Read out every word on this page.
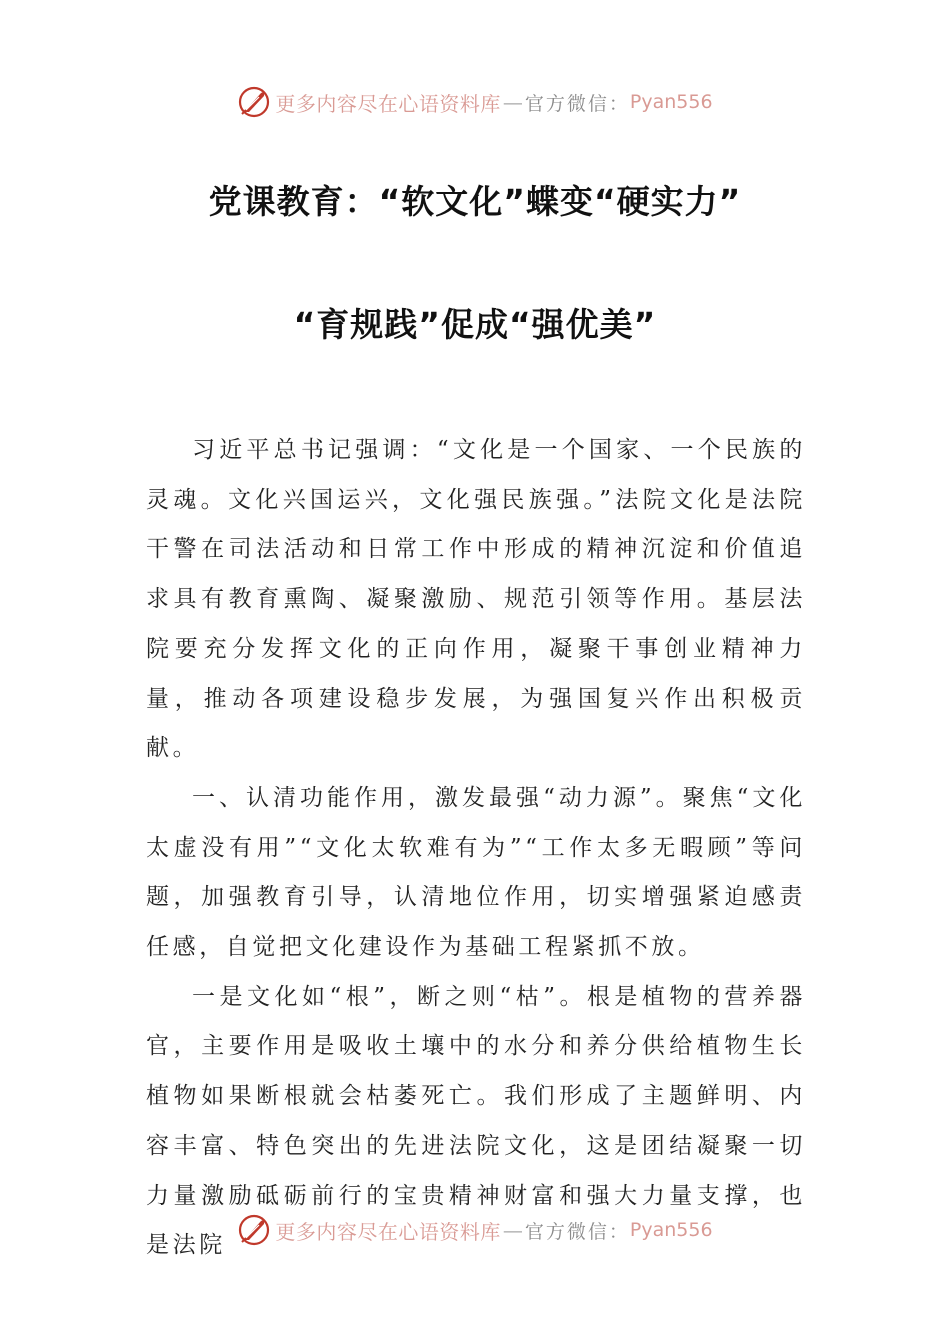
更多内容尽在心语资料库 — 官方微信： Pyan556
党课教育：“软文化”蝶变“硬实力”
“育规践”促成“强优美”

习近平总书记强调：“文化是一个国家、一个民族的灵魂。文化兴国运兴，文化强民族强。”法院文化是法院干警在司法活动和日常工作中形成的精神沉淀和价值追求具有教育熏陶、凝聚激励、规范引领等作用。基层法院要充分发挥文化的正向作用，凝聚干事创业精神力量，推动各项建设稳步发展，为强国复兴作出积极贡献。

一、认清功能作用，激发最强“动力源”。聚焦“文化太虚没有用”“文化太软难有为”“工作太多无暇顾”等问题，加强教育引导，认清地位作用，切实增强紧迫感责任感，自觉把文化建设作为基础工程紧抓不放。

一是文化如“根”，断之则“枯”。根是植物的营养器官，主要作用是吸收土壤中的水分和养分供给植物生长植物如果断根就会枯萎死亡。我们形成了主题鲜明、内容丰富、特色突出的先进法院文化，这是团结凝聚一切力量激励砥砺前行的宝贵精神财富和强大力量支撑，也是法院

更多内容尽在心语资料库 — 官方微信： Pyan556
